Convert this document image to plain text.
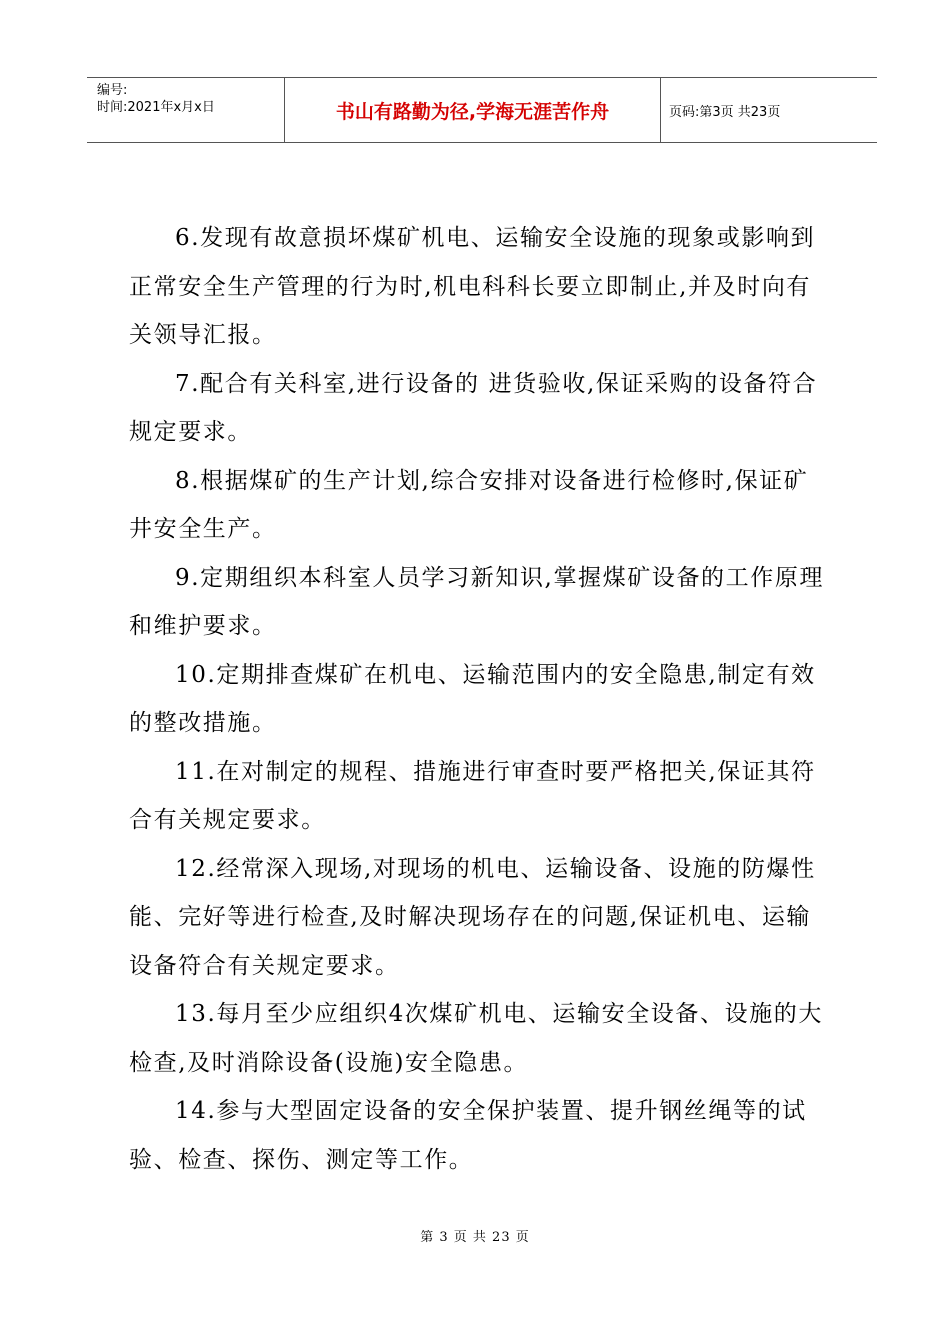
编号:
时间:2021年x月x日	书山有路勤为径,学海无涯苦作舟	页码:第3页 共23页

6.发现有故意损坏煤矿机电、运输安全设施的现象或影响到正常安全生产管理的行为时,机电科科长要立即制止,并及时向有关领导汇报。

7.配合有关科室,进行设备的 进货验收,保证采购的设备符合规定要求。

8.根据煤矿的生产计划,综合安排对设备进行检修时,保证矿井安全生产。

9.定期组织本科室人员学习新知识,掌握煤矿设备的工作原理和维护要求。

10.定期排查煤矿在机电、运输范围内的安全隐患,制定有效的整改措施。

11.在对制定的规程、措施进行审查时要严格把关,保证其符合有关规定要求。

12.经常深入现场,对现场的机电、运输设备、设施的防爆性能、完好等进行检查,及时解决现场存在的问题,保证机电、运输设备符合有关规定要求。

13.每月至少应组织4次煤矿机电、运输安全设备、设施的大检查,及时消除设备(设施)安全隐患。

14.参与大型固定设备的安全保护装置、提升钢丝绳等的试验、检查、探伤、测定等工作。

第 3 页 共 23 页
